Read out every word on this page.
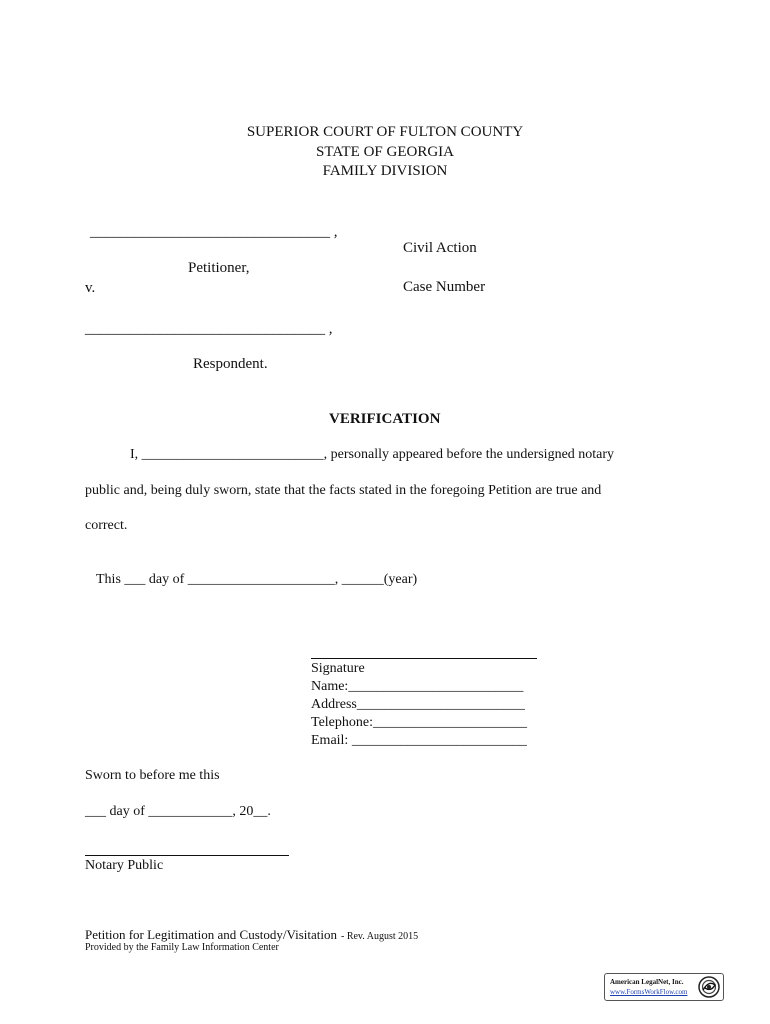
SUPERIOR COURT OF FULTON COUNTY
STATE OF GEORGIA
FAMILY DIVISION
________________________________ ,
Civil Action
Petitioner,
v.	Case Number
________________________________ ,
Respondent.
VERIFICATION
I, __________________________, personally appeared before the undersigned notary
public and, being duly sworn, state that the facts stated in the foregoing Petition are true and
correct.
This ___ day of _____________________, ______(year)
Signature
Name:_________________________
Address________________________
Telephone:______________________
Email: _________________________
Sworn to before me this
___ day of ____________, 20__.
Notary Public
Petition for Legitimation and Custody/Visitation - Rev. August 2015
Provided by the Family Law Information Center
American LegalNet, Inc.
www.FormsWorkFlow.com
